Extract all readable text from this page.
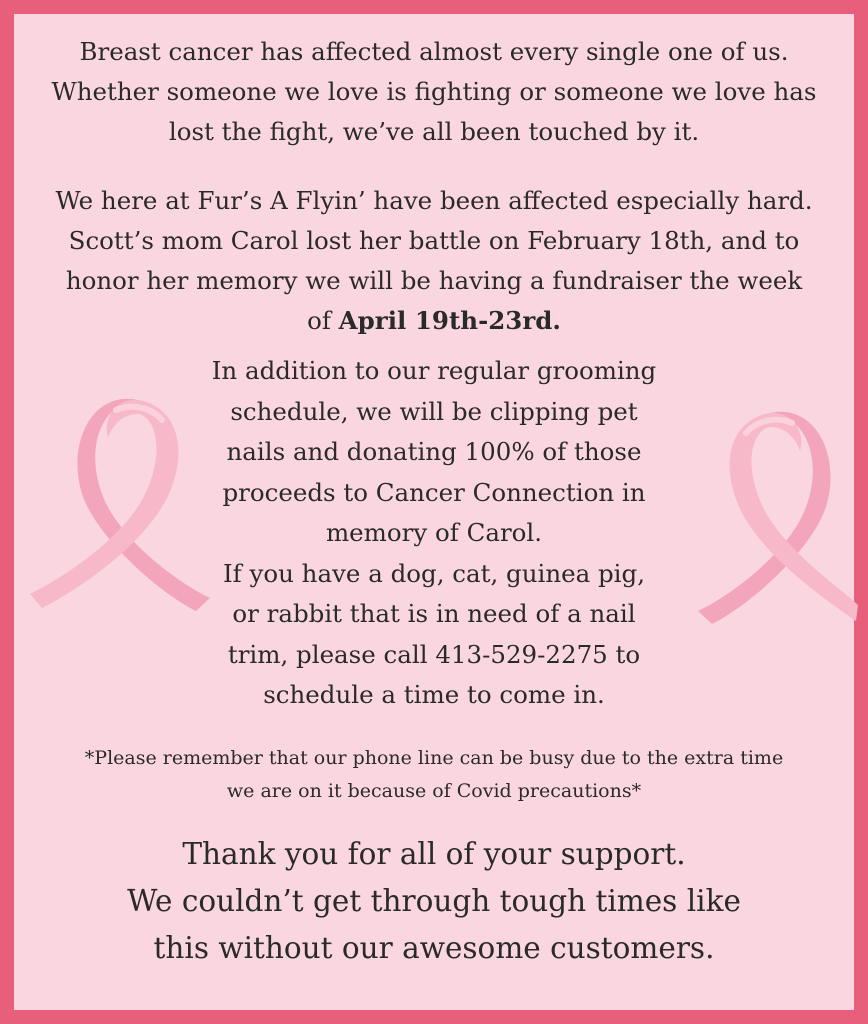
Breast cancer has affected almost every single one of us.
Whether someone we love is fighting or someone we love has
lost the fight, we’ve all been touched by it.
We here at Fur’s A Flyin’ have been affected especially hard.
Scott’s mom Carol lost her battle on February 18th, and to
honor her memory we will be having a fundraiser the week
of April 19th-23rd.
In addition to our regular grooming
schedule, we will be clipping pet
nails and donating 100% of those
proceeds to Cancer Connection in
memory of Carol.
If you have a dog, cat, guinea pig,
or rabbit that is in need of a nail
trim, please call 413-529-2275 to
schedule a time to come in.
*Please remember that our phone line can be busy due to the extra time
we are on it because of Covid precautions*
Thank you for all of your support.
We couldn’t get through tough times like
this without our awesome customers.
